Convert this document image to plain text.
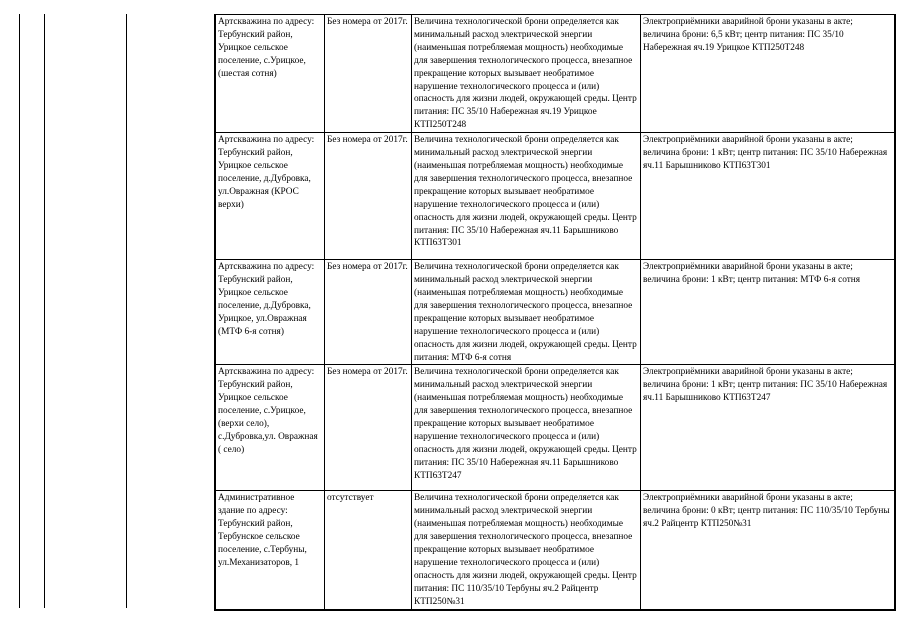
Артскважина по адресу: Тербунский район, Урицкое сельское поселение, с.Урицкое, (шестая сотня)	Без номера от 2017г.	Величина технологической брони определяется как минимальный расход электрической энергии (наименьшая потребляемая мощность) необходимые для завершения технологического процесса, внезапное прекращение которых вызывает необратимое нарушение технологического процесса и (или) опасность для жизни людей, окружающей среды. Центр питания: ПС 35/10 Набережная яч.19 Урицкое КТП250Т248	Электроприёмники аварийной брони указаны в акте; величина брони: 6,5 кВт; центр питания: ПС 35/10 Набережная яч.19 Урицкое КТП250Т248
Артскважина по адресу: Тербунский район, Урицкое сельское поселение, д.Дубровка, ул.Овражная (КРОС верхи)	Без номера от 2017г.	Величина технологической брони определяется как минимальный расход электрической энергии (наименьшая потребляемая мощность) необходимые для завершения технологического процесса, внезапное прекращение которых вызывает необратимое нарушение технологического процесса и (или) опасность для жизни людей, окружающей среды. Центр питания: ПС 35/10 Набережная яч.11 Барышниково КТП63Т301	Электроприёмники аварийной брони указаны в акте; величина брони: 1 кВт; центр питания: ПС 35/10 Набережная яч.11 Барышниково КТП63Т301
Артскважина по адресу: Тербунский район, Урицкое сельское поселение, д.Дубровка, Урицкое, ул.Овражная (МТФ 6-я сотня)	Без номера от 2017г.	Величина технологической брони определяется как минимальный расход электрической энергии (наименьшая потребляемая мощность) необходимые для завершения технологического процесса, внезапное прекращение которых вызывает необратимое нарушение технологического процесса и (или) опасность для жизни людей, окружающей среды. Центр питания: МТФ 6-я сотня	Электроприёмники аварийной брони указаны в акте; величина брони: 1 кВт; центр питания: МТФ 6-я сотня
Артскважина по адресу: Тербунский район, Урицкое сельское поселение, с.Урицкое, (верхи село), с.Дубровка,ул. Овражная ( село)	Без номера от 2017г.	Величина технологической брони определяется как минимальный расход электрической энергии (наименьшая потребляемая мощность) необходимые для завершения технологического процесса, внезапное прекращение которых вызывает необратимое нарушение технологического процесса и (или) опасность для жизни людей, окружающей среды. Центр питания: ПС 35/10 Набережная яч.11 Барышниково КТП63Т247	Электроприёмники аварийной брони указаны в акте; величина брони: 1 кВт; центр питания: ПС 35/10 Набережная яч.11 Барышниково КТП63Т247
Административное здание по адресу: Тербунский район, Тербунское сельское поселение, с.Тербуны, ул.Механизаторов, 1	отсутствует	Величина технологической брони определяется как минимальный расход электрической энергии (наименьшая потребляемая мощность) необходимые для завершения технологического процесса, внезапное прекращение которых вызывает необратимое нарушение технологического процесса и (или) опасность для жизни людей, окружающей среды. Центр питания: ПС 110/35/10 Тербуны яч.2 Райцентр КТП250№31	Электроприёмники аварийной брони указаны в акте; величина брони: 0 кВт; центр питания: ПС 110/35/10 Тербуны яч.2 Райцентр КТП250№31
